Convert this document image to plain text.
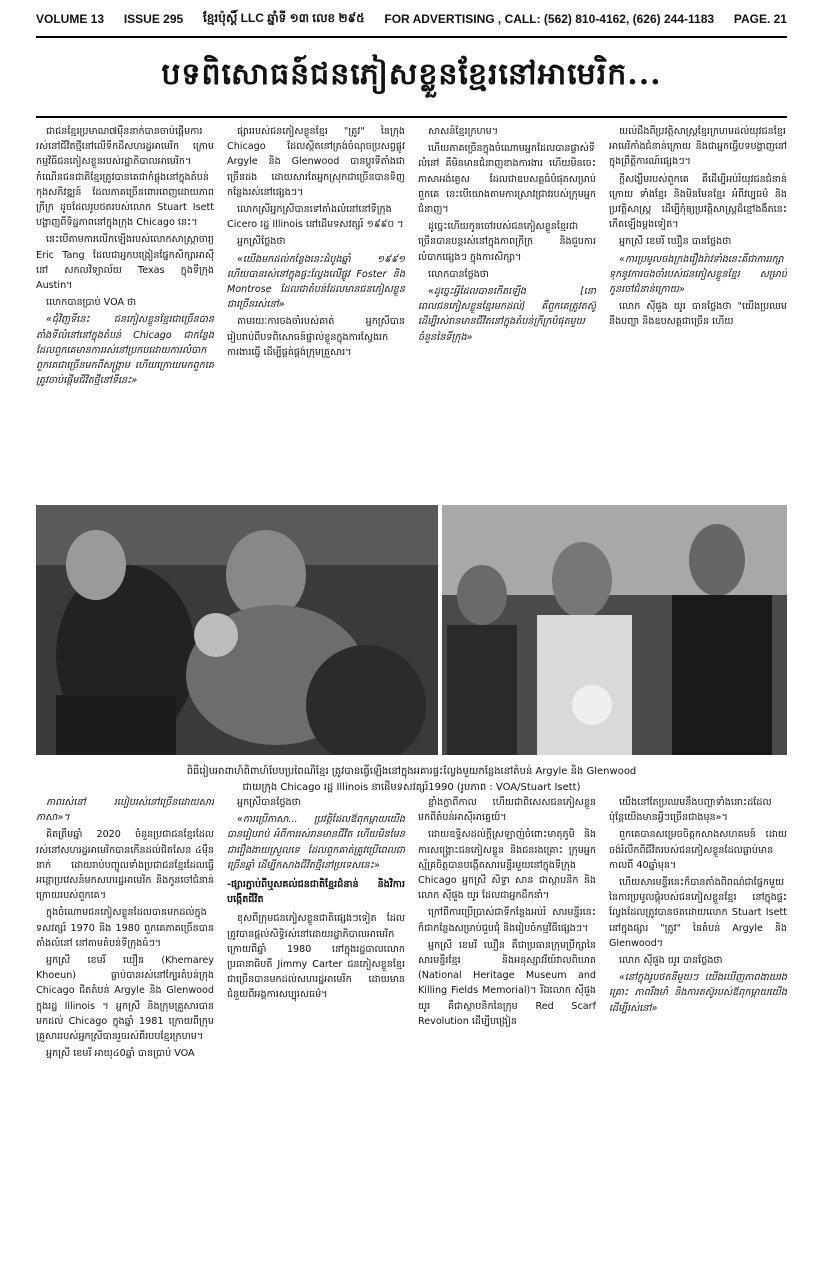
VOLUME 13 ISSUE 295 ខ្មែរប៉ុស្តិ៍ LLC ឆ្នាំទី ១៣ លេខ ២៩៥ FOR ADVERTISING , CALL: (562) 810-4162, (626) 244-1183 PAGE. 21
បទពិសោធន៍ជនភៀសខ្លួនខ្មែរនៅអាមេរិក...

ជាជនខ្មែរប្រមាណ៧ម៉ឺននាក់បានចាប់ផ្តើមការរស់នៅជីវិតថ្មីនៅលើទឹកដីសហរដ្ឋអាមេរិក ក្រោមកម្មវិធីជនភៀសខ្លួនរបស់រដ្ឋាភិបាលអាមេរិក។ កំណើនជនជាតិខ្មែរត្រូវបានគេជាកំផ្លុងនៅក្នុងតំបន់កុងសភិវឌ្ឍន៍ ដែលភាគច្រើនពោរពេញដោយភាពក្រីក្រ ដូចដែលរូបថតរបស់លោក Stuart Isett បង្ហាញពីទិដ្ឋភាពនៅក្នុងក្រុង Chicago នេះ។

នេះបើតាមការលើកឡើងរបស់លោកសាស្ត្រាចារ្យ Eric Tang ដែលជាអ្នកបង្រៀនផ្នែកសិក្សាអាស៊ីនៅ សកលវិទ្យាល័យ Texas ក្នុងទីក្រុង Austin។

លោកបានប្រាប់ VOA ថា

«ជុំវិញទីនេះ ជនភៀសខ្លួនខ្មែរជាច្រើនបានតាំងទីលំនៅនៅក្នុងតំបន់ Chicago ជាកន្លែងដែលពួកគេមានការរស់នៅប្រកបដោយការលំបាក ពួកគេជាច្រើនមកពីសង្គ្រាម ហើយក្រោយមកពួកគេត្រូវចាប់ផ្តើមជីវិតថ្មីនៅទីនេះ»

ផ្សាររបស់ជនភៀសខ្លួនខ្មែរ "ត្រូវ" នៃក្រុង Chicago ដែលស្ថិតនៅត្រង់ចំណុចប្រសព្វផ្លូវ Argyle និង Glenwood បានប្តូរទីតាំងជាច្រើនដង ដោយសារតែអ្នកស្រុកជាច្រើនបានទិញកន្លែងរស់នៅផ្សេងៗ។

លោកស្រីអ្នកស្រីបានទៅតាំងលំនៅនៅទីក្រុង Cicero រដ្ឋ Illinois នៅដើមទសវត្សរ៍ ១៩៩០ ។

អ្នកស្រីថ្លែងថា

«យើងមកដល់កន្លែងនេះដំបូងឆ្នាំ ១៩៩១ ហើយបានរស់នៅក្នុងផ្ទះល្វែងលើផ្លូវ Foster និង Montrose ដែលជាតំបន់ដែលមានជនភៀសខ្លួនជាច្រើនរស់នៅ»

តាមរយៈការចងចាំរបស់គាត់ អ្នកស្រីបានរៀបរាប់ពីបទពិសោធន៍ផ្ទាល់ខ្លួនក្នុងការស្វែងរកការងារធ្វើ ដើម្បីផ្គត់ផ្គង់ក្រុមគ្រួសារ។

សាសន៍ខ្មែរក្រហម។

ហើយភាគច្រើនក្នុងចំណោមអ្នកដែលបានផ្លាស់ទីលំនៅ គឺមិនមានជំនាញខាងការងារ ហើយមិនចេះភាសាអង់គ្លេស ដែលជាឧបសគ្គធំបំផុតសម្រាប់ពួកគេ នេះបើយោងតាមការស្រាវជ្រាវរបស់ក្រុមអ្នកជំនាញ។

ដូច្នេះហើយកូនចៅរបស់ជនភៀសខ្លួនខ្មែរជាច្រើនបានបន្តរស់នៅក្នុងភាពក្រីក្រ និងជួបការលំបាកផ្សេងៗ ក្នុងការសិក្សា។

លោកបានថ្លែងថា

«ដូច្នេះអ្វីដែលបានកើតឡើង [នៅពេលជនភៀសខ្លួនខ្មែរមកដល់] គឺពួកគេត្រូវតស៊ូ ដើម្បីរស់រានមានជីវិតនៅក្នុងតំបន់ក្រីក្របំផុតមួយចំនួននៃទីក្រុង»

យល់ដឹងពីប្រវត្តិសាស្ត្រខ្មែរក្រហមដល់យុវជនខ្មែរអាមេរិកាំងជំនាន់ក្រោយ និងជាអ្នកធ្វើបទបង្ហាញនៅក្នុងព្រឹត្តិការណ៍ផ្សេងៗ។

ក្តីសង្ឃឹមរបស់ពួកគេ គឺដើម្បីអប់រំយុវជនជំនាន់ក្រោយ ទាំងខ្មែរ និងមិនមែនខ្មែរ អំពីវប្បធម៌ និងប្រវត្តិសាស្ត្រ ដើម្បីកុំឲ្យប្រវត្តិសាស្ត្រដ៏ខ្មៅងងឹតនេះកើតឡើងម្តងទៀត។

អ្នកស្រី ខេមរី ឃឿន បានថ្លែងថា

«ការប្រមូលចងក្រងរឿងរ៉ាវទាំងនេះគឺជាការរក្សាទុកនូវការចងចាំរបស់ជនភៀសខ្លួនខ្មែរ សម្រាប់កូនចៅជំនាន់ក្រោយ»

លោក ស៊ីផួង យូរ បានថ្លែងថា "យើងប្រឈមនឹងបញ្ហា និងឧបសគ្គជាច្រើន ហើយ

ពិធីរៀបអាពាហ៍ពិពាហ៍បែបប្រពៃណីខ្មែរ ត្រូវបានធ្វើឡើងនៅក្នុងអគារផ្ទះល្វែងមួយកន្លែងនៅតំបន់ Argyle និង Glenwood
ជាយក្រុង Chicago រដ្ឋ Illinois នាដើមទសវត្សរ៍1990 (រូបភាព : VOA/Stuart Isett)

ភាពរស់នៅ របៀបរស់នៅច្រើនដោយសារភាសា»។

គិតត្រឹមឆ្នាំ 2020 ចំនួនប្រជាជនខ្មែរដែលរស់នៅសហរដ្ឋអាមេរិកបានកើនដល់ជិតសែន ៤ម៉ឺននាក់ ដោយរាប់បញ្ចូលទាំងប្រជាជនខ្មែរដែលធ្វើអន្តោប្រវេសន៍មកសហរដ្ឋអាមេរិក និងកូនចៅជំនាន់ក្រោយរបស់ពួកគេ។

ក្នុងចំណោមជនភៀសខ្លួនដែលបានមកដល់ក្នុងទសវត្សរ៍ 1970 និង 1980 ពួកគេភាគច្រើនបានតាំងលំនៅ នៅតាមតំបន់ទីក្រុងធំៗ។

អ្នកស្រី ខេមរី ឃឿន (Khemarey Khoeun) ធ្លាប់បានរស់នៅក្បែរតំបន់ក្រុង Chicago ជិតតំបន់ Argyle និង Glenwood ក្នុងរដ្ឋ Illinois ។ អ្នកស្រី និងក្រុមគ្រួសារបានមកដល់ Chicago ក្នុងឆ្នាំ 1981 ក្រោយពីក្រុមគ្រួសាររបស់អ្នកស្រីបានរួចរស់ពីរបបខ្មែរក្រហម។

អ្នកស្រី ខេមរី អាយុ៤0ឆ្នាំ បានប្រាប់ VOA

អ្នកស្រីបានថ្លែងថា

«ការប្រើភាសា... ប្រវត្តិដែលឪពុកម្តាយយើងបានរៀបរាប់ អំពីការរស់រានមានជីវិត ហើយមិនមែនជារឿងងាយស្រួលទេ ដែលពួកគាត់ត្រូវប្រើពេលជាច្រើនឆ្នាំ ដើម្បីកសាងជីវិតថ្មីនៅប្រទេសនេះ»

-ផ្សារភ្ជាប់ពីឬសគល់ជនជាតិខ្មែរជំនាន់ និងវិការបង្កើតជីវិត

ខុសពីក្រុមជនភៀសខ្លួនជាតិផ្សេងៗទៀត ដែលត្រូវបានផ្តល់សិទ្ធិរស់នៅដោយរដ្ឋាភិបាលអាមេរិក ក្រោយពីឆ្នាំ 1980 នៅក្នុងរដ្ឋបាលលោកប្រធានាធិបតី Jimmy Carter ជនភៀសខ្លួនខ្មែរជាច្រើនបានមកដល់សហរដ្ឋអាមេរិក ដោយមានជំនួយពីអង្គការសប្បុរសធម៌។

ខ្លាំងក្លាពីកាល ហើយជាពិសេសជនភៀសខ្លួនមកពីតំបន់អាស៊ីអាគ្នេយ៍។

ដោយឧទ្ទិសដល់ក្តីស្រឡាញ់ចំពោះមាតុភូមិ និងការសង្គ្រោះជនភៀសខ្លួន និងជនរងគ្រោះ ក្រុមអ្នកស្ម័គ្រចិត្តបានបង្កើតសារមន្ទីរមួយនៅក្នុងទីក្រុង Chicago អ្នកស្រី សិទ្ធា សាន ជាស្ថាបនិក និងលោក ស៊ីផួង យូរ ដែលជាអ្នកដឹកនាំ។

ក្រៅពីការប្រើប្រាស់ជាទីកន្លែងអប់រំ សារមន្ទីរនេះក៏ជាកន្លែងសម្រាប់ជួបជុំ និងរៀបចំកម្មវិធីផ្សេងៗ។

អ្នកស្រី ខេមរី ឃឿន គឺជាប្រធានក្រុមប្រឹក្សានៃសារមន្ទីរខ្មែរ និងអនុស្សាវរីយ៍វាលពិឃាត (National Heritage Museum and Killing Fields Memorial)។ រីឯលោក ស៊ីផួង យូរ គឺជាស្ថាបនិកនៃក្រុម Red Scarf Revolution ដើម្បីបង្រៀន

យើងនៅតែប្រឈមនឹងបញ្ហាទាំងនោះដដែល ប៉ុន្តែយើងមានអ្វីៗច្រើនជាងមុន»។

ពួកគេបានសម្រេចចិត្តកសាងសហគមន៍ ដោយចង់រំលឹកពីជីវិតរបស់ជនភៀសខ្លួនដែលធ្លាប់មានកាលពី 40ឆ្នាំមុន។

ហើយសារមន្ទីរនេះក៏បានតាំងពិពណ៌ជាផ្នែកមួយនៃការប្រមូលផ្តុំរបស់ជនភៀសខ្លួនខ្មែរ នៅក្នុងផ្ទះល្វែងដែលត្រូវបានថតដោយលោក Stuart Isett នៅក្នុងផ្សារ "ត្រូវ" នៃតំបន់ Argyle និង Glenwood។

លោក ស៊ីផួង យូរ បានថ្លែងថា

«នៅក្នុងរូបថតនីមួយៗ យើងឃើញភាពងាយរងគ្រោះ ភាពរឹងមាំ និងការតស៊ូរបស់ឪពុកម្តាយយើង ដើម្បីរស់នៅ»
